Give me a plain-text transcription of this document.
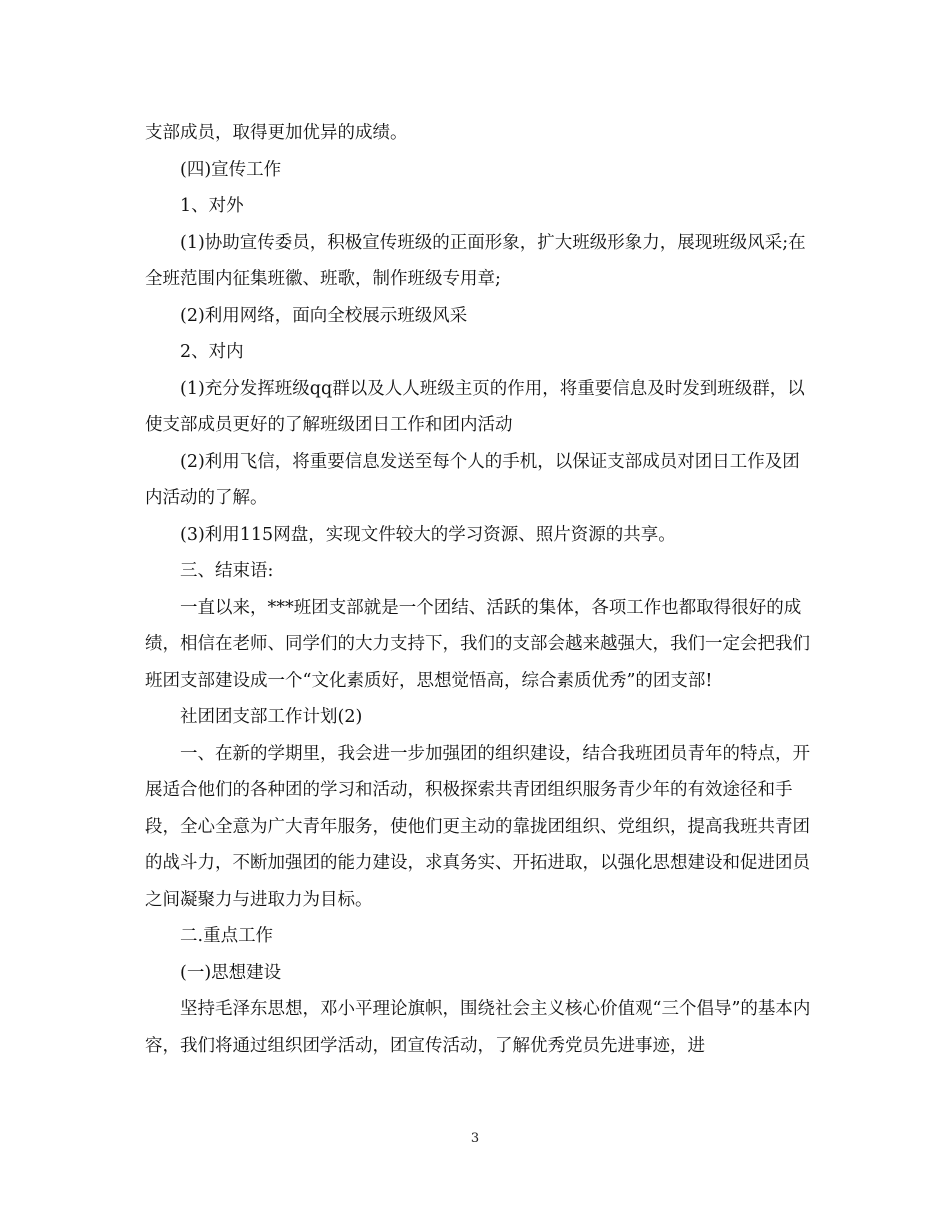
支部成员，取得更加优异的成绩。

(四)宣传工作

1、对外

(1)协助宣传委员，积极宣传班级的正面形象，扩大班级形象力，展现班级风采;在全班范围内征集班徽、班歌，制作班级专用章;

(2)利用网络，面向全校展示班级风采

2、对内

(1)充分发挥班级qq群以及人人班级主页的作用，将重要信息及时发到班级群，以使支部成员更好的了解班级团日工作和团内活动

(2)利用飞信，将重要信息发送至每个人的手机，以保证支部成员对团日工作及团内活动的了解。

(3)利用115网盘，实现文件较大的学习资源、照片资源的共享。

三、结束语:

一直以来，***班团支部就是一个团结、活跃的集体，各项工作也都取得很好的成绩，相信在老师、同学们的大力支持下，我们的支部会越来越强大，我们一定会把我们班团支部建设成一个“文化素质好，思想觉悟高，综合素质优秀”的团支部!

社团团支部工作计划(2)

一、在新的学期里，我会进一步加强团的组织建设，结合我班团员青年的特点，开展适合他们的各种团的学习和活动，积极探索共青团组织服务青少年的有效途径和手段，全心全意为广大青年服务，使他们更主动的靠拢团组织、党组织，提高我班共青团的战斗力，不断加强团的能力建设，求真务实、开拓进取，以强化思想建设和促进团员之间凝聚力与进取力为目标。

二.重点工作

(一)思想建设

坚持毛泽东思想，邓小平理论旗帜，围绕社会主义核心价值观“三个倡导”的基本内容，我们将通过组织团学活动，团宣传活动，了解优秀党员先进事迹，进

3
